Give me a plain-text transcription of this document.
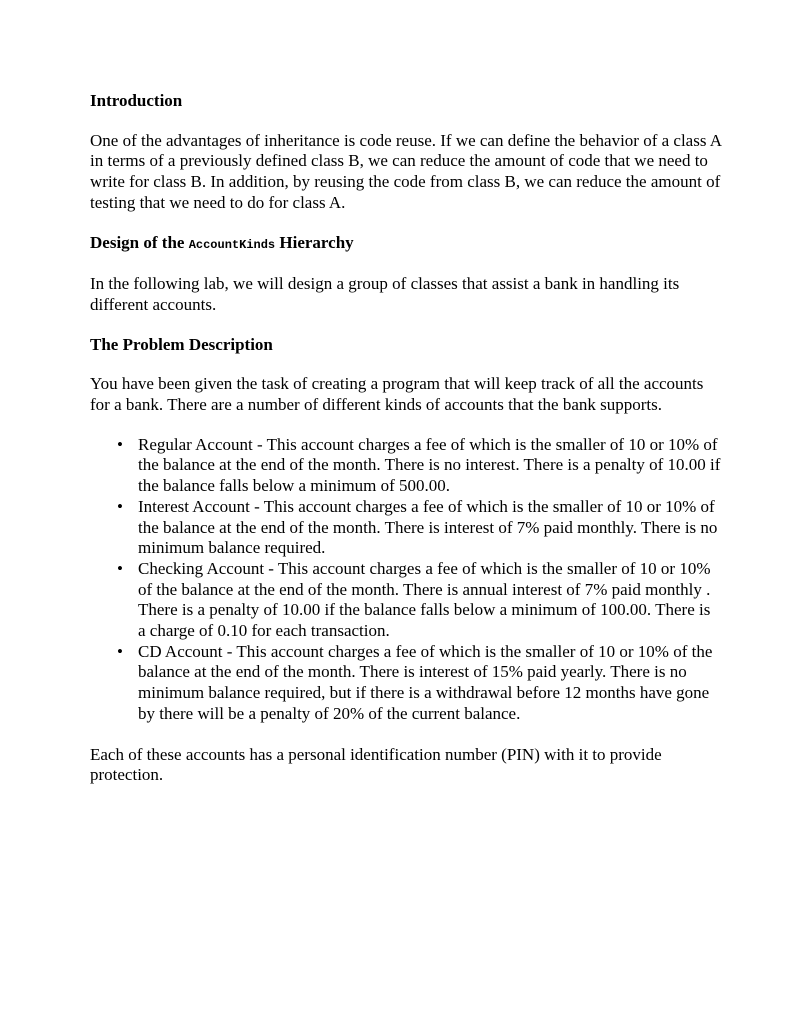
Introduction

One of the advantages of inheritance is code reuse. If we can define the behavior of a class A in terms of a previously defined class B, we can reduce the amount of code that we need to write for class B. In addition, by reusing the code from class B, we can reduce the amount of testing that we need to do for class A.

Design of the AccountKinds Hierarchy

In the following lab, we will design a group of classes that assist a bank in handling its different accounts.

The Problem Description

You have been given the task of creating a program that will keep track of all the accounts for a bank. There are a number of different kinds of accounts that the bank supports.

• Regular Account - This account charges a fee of which is the smaller of 10 or 10% of the balance at the end of the month. There is no interest. There is a penalty of 10.00 if the balance falls below a minimum of 500.00.
• Interest Account - This account charges a fee of which is the smaller of 10 or 10% of the balance at the end of the month. There is interest of 7% paid monthly. There is no minimum balance required.
• Checking Account - This account charges a fee of which is the smaller of 10 or 10% of the balance at the end of the month. There is annual interest of 7% paid monthly . There is a penalty of 10.00 if the balance falls below a minimum of 100.00. There is a charge of 0.10 for each transaction.
• CD Account - This account charges a fee of which is the smaller of 10 or 10% of the balance at the end of the month. There is interest of 15% paid yearly. There is no minimum balance required, but if there is a withdrawal before 12 months have gone by there will be a penalty of 20% of the current balance.

Each of these accounts has a personal identification number (PIN) with it to provide protection.
